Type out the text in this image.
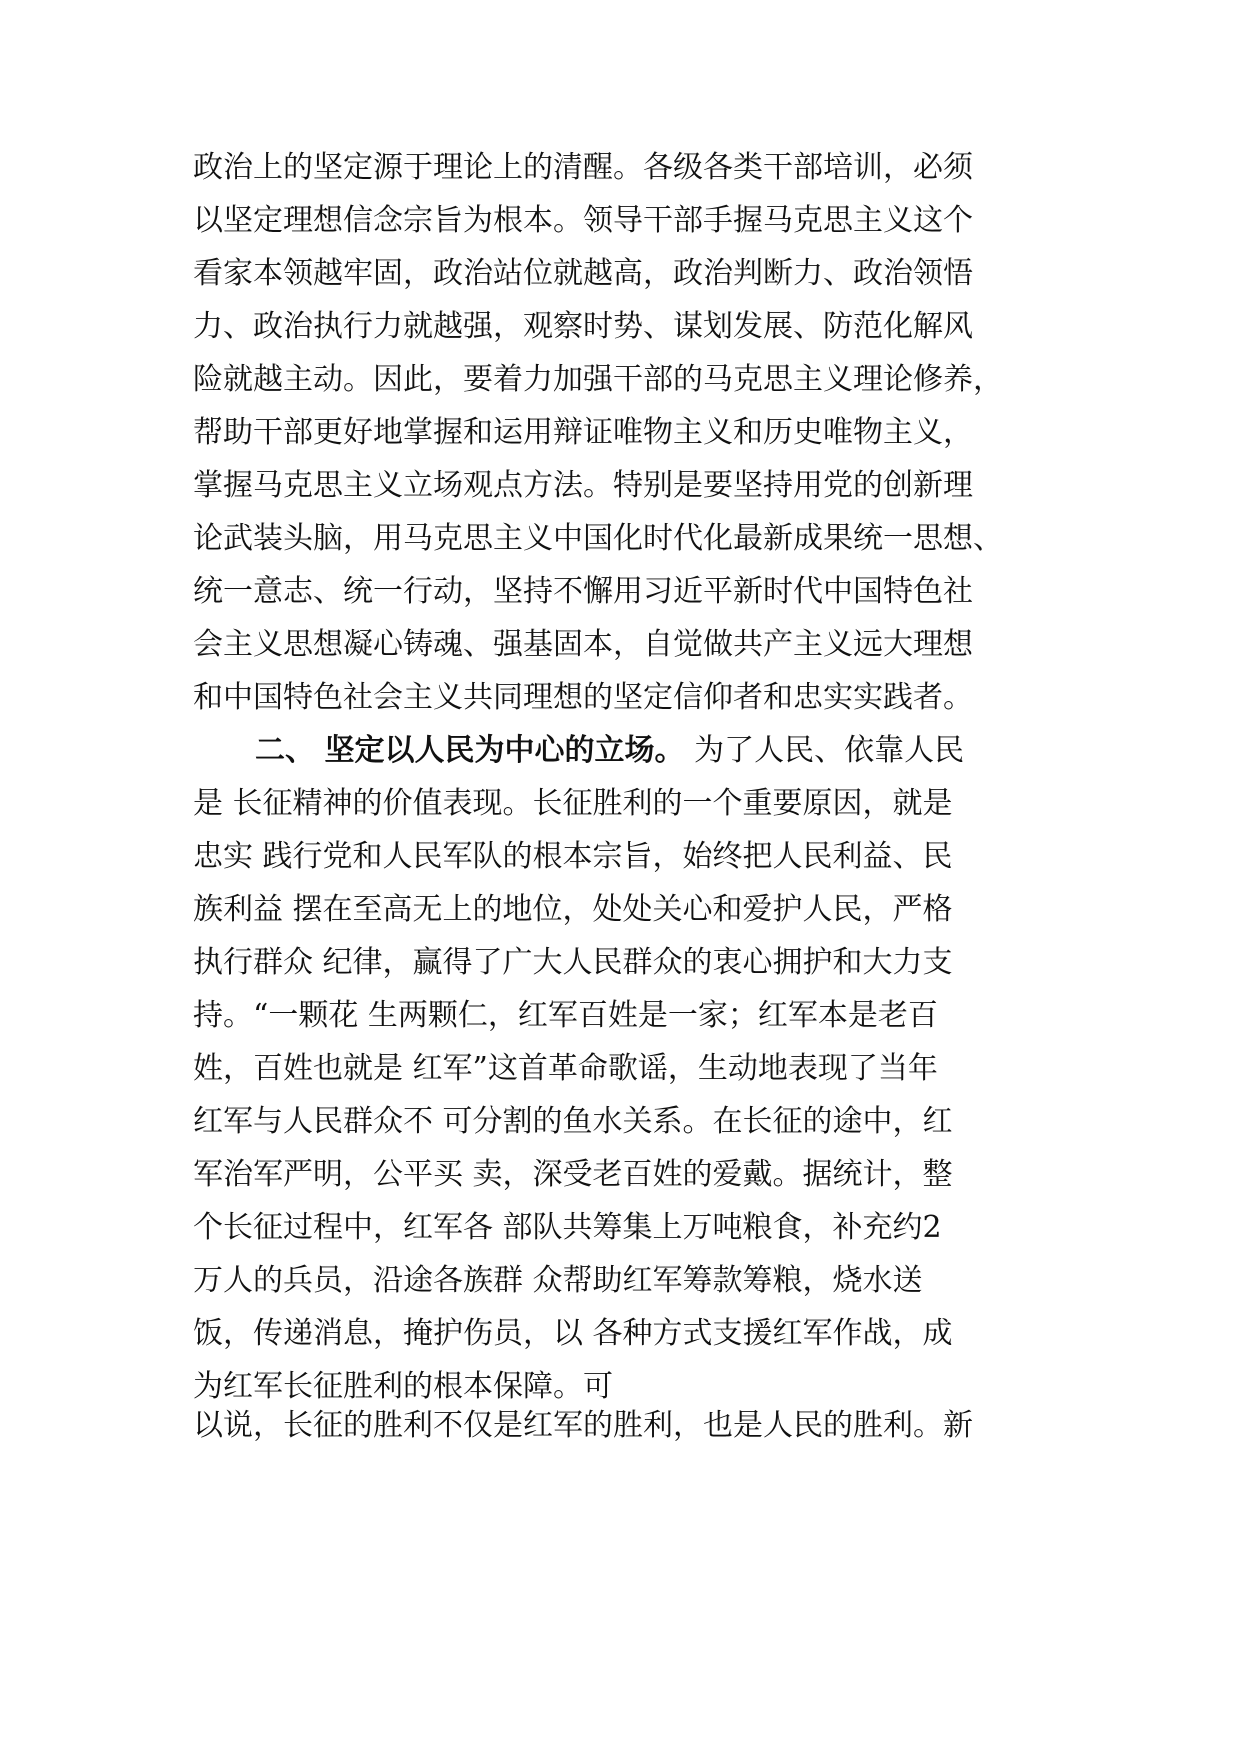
政治上的坚定源于理论上的清醒。各级各类干部培训，必须
以坚定理想信念宗旨为根本。领导干部手握马克思主义这个
看家本领越牢固，政治站位就越高，政治判断力、政治领悟
力、政治执行力就越强，观察时势、谋划发展、防范化解风
险就越主动。因此，要着力加强干部的马克思主义理论修养，
帮助干部更好地掌握和运用辩证唯物主义和历史唯物主义，
掌握马克思主义立场观点方法。特别是要坚持用党的创新理
论武装头脑，用马克思主义中国化时代化最新成果统一思想、
统一意志、统一行动，坚持不懈用习近平新时代中国特色社
会主义思想凝心铸魂、强基固本，自觉做共产主义远大理想
和中国特色社会主义共同理想的坚定信仰者和忠实实践者。
二、 坚定以人民为中心的立场。 为了人民、依靠人民
是 长征精神的价值表现。长征胜利的一个重要原因，就是
忠实 践行党和人民军队的根本宗旨，始终把人民利益、民
族利益 摆在至高无上的地位，处处关心和爱护人民，严格
执行群众 纪律，赢得了广大人民群众的衷心拥护和大力支
持。“一颗花 生两颗仁，红军百姓是一家；红军本是老百
姓，百姓也就是 红军”这首革命歌谣，生动地表现了当年
红军与人民群众不 可分割的鱼水关系。在长征的途中，红
军治军严明，公平买 卖，深受老百姓的爱戴。据统计，整
个长征过程中，红军各 部队共筹集上万吨粮食，补充约2
万人的兵员，沿途各族群 众帮助红军筹款筹粮，烧水送
饭，传递消息，掩护伤员，以 各种方式支援红军作战，成
为红军长征胜利的根本保障。可
以说，长征的胜利不仅是红军的胜利，也是人民的胜利。新
